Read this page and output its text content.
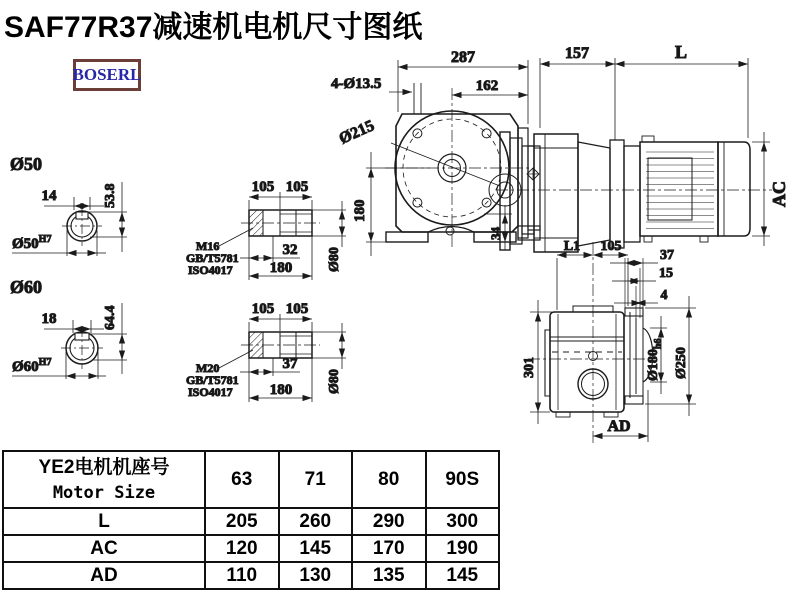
SAF77R37减速机电机尺寸图纸
BOSERL
Ø50
14	53.8
$Ø50^{H7}$
Ø60
18	64.4
$Ø60^{H7}$
105 105
M16
GB/T5781
ISO4017
32
180 Ø80
105 105
M20
GB/T5781
ISO4017
37
180 Ø80
287
162
4-Ø13.5
Ø215
180
34
157	L
AC
L1 105
37
15
4
301	$Ø180_{h6}$
Ø250
AD
YE2电机机座号
Motor Size	63	71	80	90S
L	205	260	290	300
AC	120	145	170	190
AD	110	130	135	145
